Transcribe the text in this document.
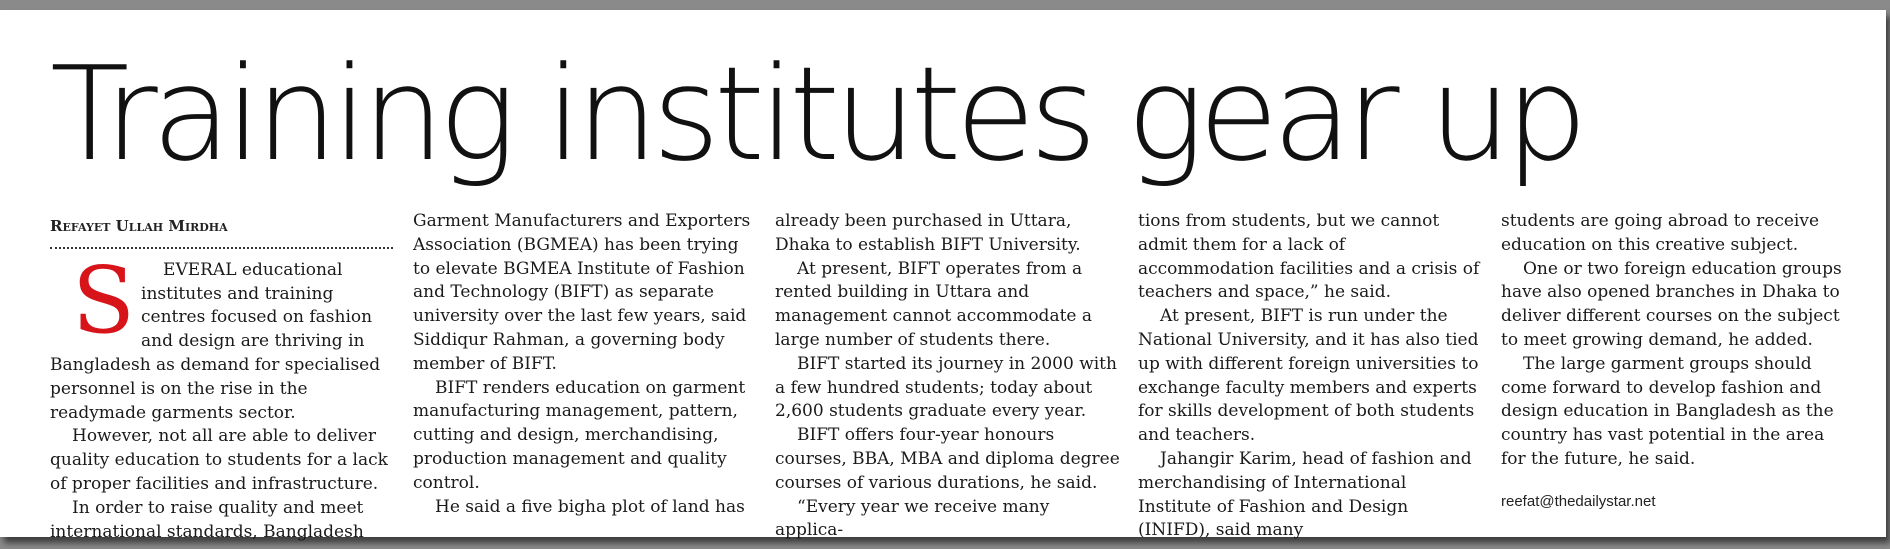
Training institutes gear up
Refayet Ullah Mirdha

S EVERAL educational institutes and training centres focused on fashion and design are thriving in Bangladesh as demand for specialised personnel is on the rise in the readymade garments sector.

However, not all are able to deliver quality education to students for a lack of proper facilities and infrastructure.

In order to raise quality and meet international standards, Bangladesh

Garment Manufacturers and Exporters Association (BGMEA) has been trying to elevate BGMEA Institute of Fashion and Technology (BIFT) as separate university over the last few years, said Siddiqur Rahman, a governing body member of BIFT.

BIFT renders education on garment manufacturing management, pattern, cutting and design, merchandising, production management and quality control.

He said a five bigha plot of land has

already been purchased in Uttara, Dhaka to establish BIFT University.

At present, BIFT operates from a rented building in Uttara and management cannot accommodate a large number of students there.

BIFT started its journey in 2000 with a few hundred students; today about 2,600 students graduate every year.

BIFT offers four-year honours courses, BBA, MBA and diploma degree courses of various durations, he said.

“Every year we receive many applica-

tions from students, but we cannot admit them for a lack of accommodation facilities and a crisis of teachers and space,” he said.

At present, BIFT is run under the National University, and it has also tied up with different foreign universities to exchange faculty members and experts for skills development of both students and teachers.

Jahangir Karim, head of fashion and merchandising of International Institute of Fashion and Design (INIFD), said many

students are going abroad to receive education on this creative subject.

One or two foreign education groups have also opened branches in Dhaka to deliver different courses on the subject to meet growing demand, he added.

The large garment groups should come forward to develop fashion and design education in Bangladesh as the country has vast potential in the area for the future, he said.

reefat@thedailystar.net
